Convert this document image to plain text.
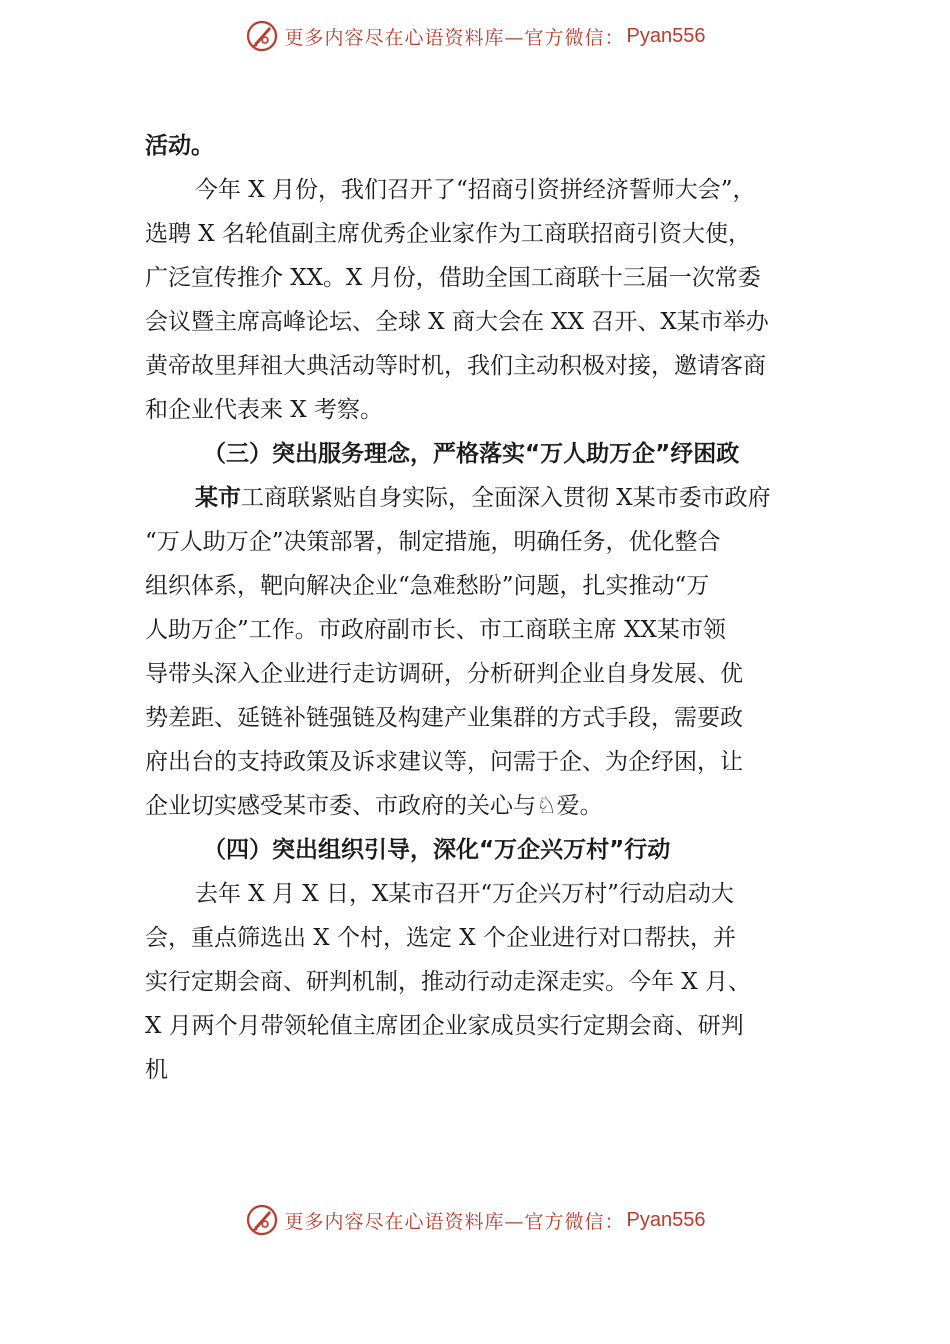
更多内容尽在心语资料库—官方微信： Pyan556
活动。
今年 X 月份，我们召开了“招商引资拼经济誓师大会”，
选聘 X 名轮值副主席优秀企业家作为工商联招商引资大使，
广泛宣传推介 XX。X 月份，借助全国工商联十三届一次常委
会议暨主席高峰论坛、全球 X 商大会在 XX 召开、X某市举办
黄帝故里拜祖大典活动等时机，我们主动积极对接，邀请客商
和企业代表来 X 考察。
（三）突出服务理念，严格落实“万人助万企”纾困政
某市工商联紧贴自身实际，全面深入贯彻 X某市委市政府
“万人助万企”决策部署，制定措施，明确任务，优化整合
组织体系，靶向解决企业“急难愁盼”问题，扎实推动“万
人助万企”工作。市政府副市长、市工商联主席 XX某市领
导带头深入企业进行走访调研，分析研判企业自身发展、优
势差距、延链补链强链及构建产业集群的方式手段，需要政
府出台的支持政策及诉求建议等，问需于企、为企纾困，让
企业切实感受某市委、市政府的关心与♘爱。
（四）突出组织引导，深化“万企兴万村”行动
去年 X 月 X 日，X某市召开“万企兴万村”行动启动大
会，重点筛选出 X 个村，选定 X 个企业进行对口帮扶，并
实行定期会商、研判机制，推动行动走深走实。今年 X 月、
X 月两个月带领轮值主席团企业家成员实行定期会商、研判
机
更多内容尽在心语资料库—官方微信： Pyan556
